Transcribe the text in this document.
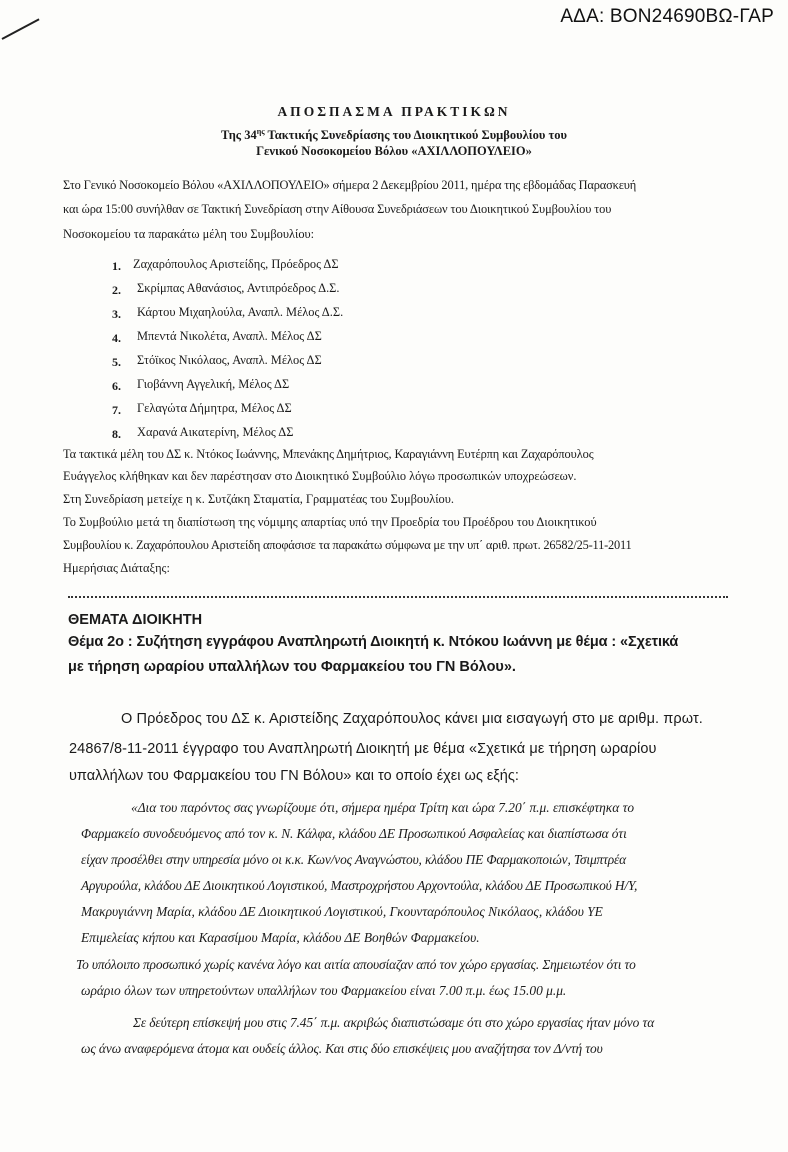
ΑΔΑ: ΒΟΝ24690ΒΩ-ΓΑΡ
ΑΠΟΣΠΑΣΜΑ ΠΡΑΚΤΙΚΩΝ
Της $34^{\eta\varsigma}$ Τακτικής Συνεδρίασης του Διοικητικού Συμβουλίου του
Γενικού Νοσοκομείου Βόλου «ΑΧΙΛΛΟΠΟΥΛΕΙΟ»
Στο Γενικό Νοσοκομείο Βόλου «ΑΧΙΛΛΟΠΟΥΛΕΙΟ» σήμερα 2 Δεκεμβρίου 2011, ημέρα της εβδομάδας Παρασκευή
και ώρα 15:00 συνήλθαν σε Τακτική Συνεδρίαση στην Αίθουσα Συνεδριάσεων του Διοικητικού Συμβουλίου του
Νοσοκομείου τα παρακάτω μέλη του Συμβουλίου:
1. Ζαχαρόπουλος Αριστείδης, Πρόεδρος ΔΣ
2.	Σκρίμπας Αθανάσιος, Αντιπρόεδρος Δ.Σ.
3.	Κάρτου Μιχαηλούλα, Αναπλ. Μέλος Δ.Σ.
4.	Μπεντά Νικολέτα, Αναπλ. Μέλος ΔΣ
5.	Στόϊκος Νικόλαος, Αναπλ. Μέλος ΔΣ
6.	Γιοβάννη Αγγελική, Μέλος ΔΣ
7.	Γελαγώτα Δήμητρα, Μέλος ΔΣ
8.	Χαρανά Αικατερίνη, Μέλος ΔΣ
Τα τακτικά μέλη του ΔΣ κ. Ντόκος Ιωάννης, Μπενάκης Δημήτριος, Καραγιάννη Ευτέρπη και Ζαχαρόπουλος
Ευάγγελος κλήθηκαν και δεν παρέστησαν στο Διοικητικό Συμβούλιο λόγω προσωπικών υποχρεώσεων.
Στη Συνεδρίαση μετείχε η κ. Συτζάκη Σταματία, Γραμματέας του Συμβουλίου.
Το Συμβούλιο μετά τη διαπίστωση της νόμιμης απαρτίας υπό την Προεδρία του Προέδρου του Διοικητικού
Συμβουλίου κ. Ζαχαρόπουλου Αριστείδη αποφάσισε τα παρακάτω σύμφωνα με την υπ΄ αριθ. πρωτ. 26582/25-11-2011
Ημερήσιας Διάταξης:
ΘΕΜΑΤΑ ΔΙΟΙΚΗΤΗ
Θέμα 2ο : Συζήτηση εγγράφου Αναπληρωτή Διοικητή κ. Ντόκου Ιωάννη με θέμα : «Σχετικά
με τήρηση ωραρίου υπαλλήλων του Φαρμακείου του ΓΝ Βόλου».
Ο Πρόεδρος του ΔΣ κ. Αριστείδης Ζαχαρόπουλος κάνει μια εισαγωγή στο με αριθμ. πρωτ.
24867/8-11-2011 έγγραφο του Αναπληρωτή Διοικητή με θέμα «Σχετικά με τήρηση ωραρίου
υπαλλήλων του Φαρμακείου του ΓΝ Βόλου» και το οποίο έχει ως εξής:
«Δια του παρόντος σας γνωρίζουμε ότι, σήμερα ημέρα Τρίτη και ώρα 7.20΄ π.μ. επισκέφτηκα το
Φαρμακείο συνοδευόμενος από τον κ. Ν. Κάλφα, κλάδου ΔΕ Προσωπικού Ασφαλείας και διαπίστωσα ότι
είχαν προσέλθει στην υπηρεσία μόνο οι κ.κ. Κων/νος Αναγνώστου, κλάδου ΠΕ Φαρμακοποιών, Τσιμπτρέα
Αργυρούλα, κλάδου ΔΕ Διοικητικού Λογιστικού, Μαστροχρήστου Αρχοντούλα, κλάδου ΔΕ Προσωπικού Η/Υ,
Μακρυγιάννη Μαρία, κλάδου ΔΕ Διοικητικού Λογιστικού, Γκουνταρόπουλος Νικόλαος, κλάδου ΥΕ
Επιμελείας κήπου και Καρασίμου Μαρία, κλάδου ΔΕ Βοηθών Φαρμακείου.
Το υπόλοιπο προσωπικό χωρίς κανένα λόγο και αιτία απουσίαζαν από τον χώρο εργασίας. Σημειωτέον ότι το
ωράριο όλων των υπηρετούντων υπαλλήλων του Φαρμακείου είναι 7.00 π.μ. έως 15.00 μ.μ.
Σε δεύτερη επίσκεψή μου στις 7.45΄ π.μ. ακριβώς διαπιστώσαμε ότι στο χώρο εργασίας ήταν μόνο τα
ως άνω αναφερόμενα άτομα και ουδείς άλλος. Και στις δύο επισκέψεις μου αναζήτησα τον Δ/ντή του
